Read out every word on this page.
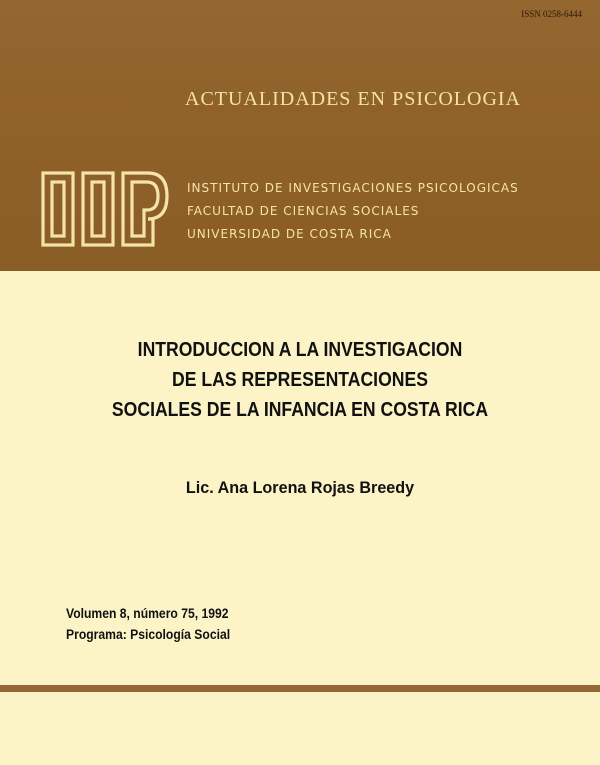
ISSN 0258-6444
ACTUALIDADES EN PSICOLOGIA
INSTITUTO DE INVESTIGACIONES PSICOLOGICAS
FACULTAD DE CIENCIAS SOCIALES
UNIVERSIDAD DE COSTA RICA
INTRODUCCION A LA INVESTIGACION
DE LAS REPRESENTACIONES
SOCIALES DE LA INFANCIA EN COSTA RICA
Lic. Ana Lorena Rojas Breedy
Volumen 8, número 75, 1992
Programa: Psicología Social
